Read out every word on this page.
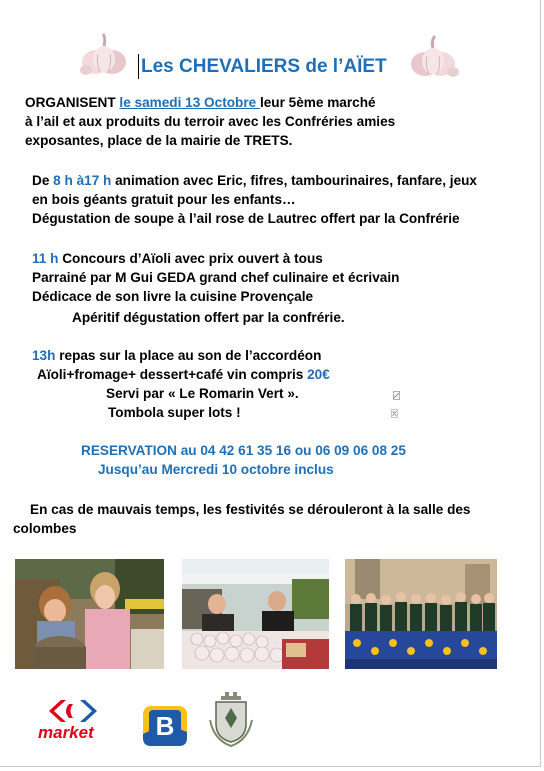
Les CHEVALIERS de l’AÏET
ORGANISENT le samedi 13 Octobre leur 5ème marché
à l’ail et aux produits du terroir avec les Confréries amies
exposantes, place de la mairie de TRETS.
De 8 h à17 h animation avec Eric, fifres, tambourinaires, fanfare, jeux
en bois géants gratuit pour les enfants…
Dégustation de soupe à l’ail rose de Lautrec offert par la Confrérie
11 h Concours d’Aïoli avec prix ouvert à tous
Parrainé par M Gui GEDA grand chef culinaire et écrivain
Dédicace de son livre la cuisine Provençale
Apéritif dégustation offert par la confrérie.
13h repas sur la place au son de l’accordéon
Aïoli+fromage+ dessert+café vin compris 20€
Servi par « Le Romarin Vert ».
Tombola super lots !
RESERVATION au 04 42 61 35 16 ou 06 09 06 08 25
Jusqu’au Mercredi 10 octobre inclus
En cas de mauvais temps, les festivités se dérouleront à la salle des
colombes
market B
